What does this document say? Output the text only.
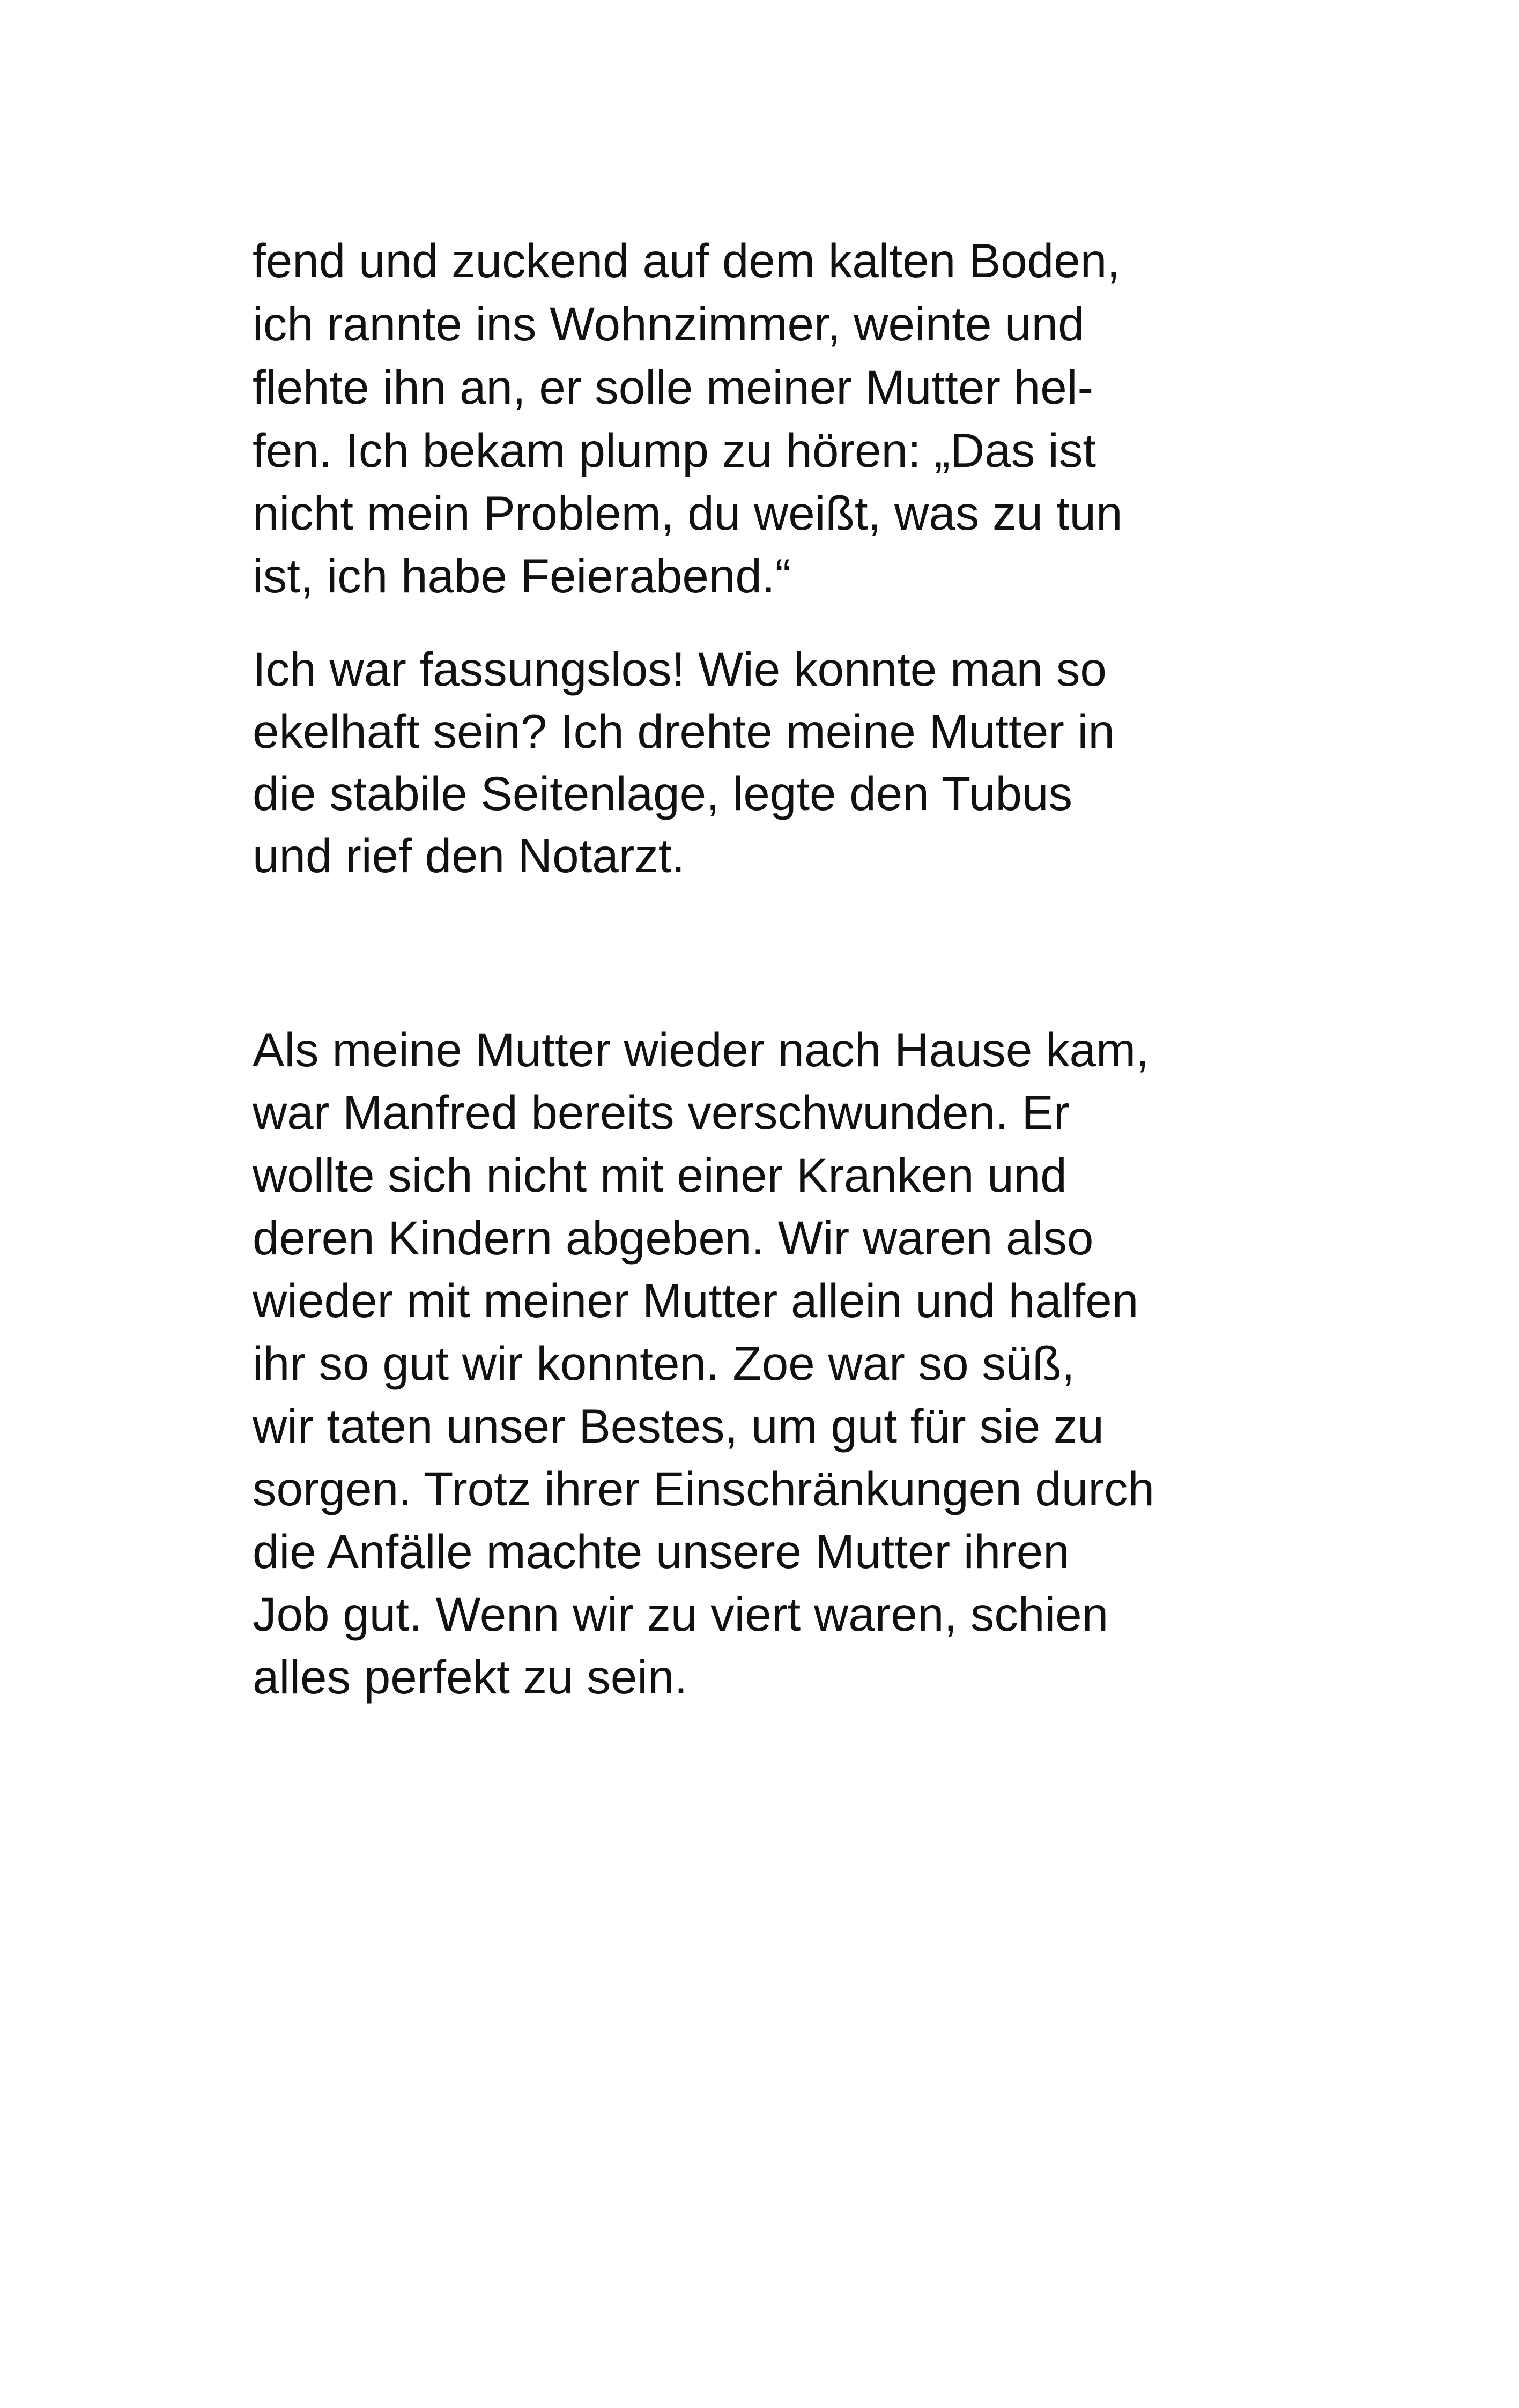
fend und zuckend auf dem kalten Boden,

ich rannte ins Wohnzimmer, weinte und

flehte ihn an, er solle meiner Mutter hel-

fen. Ich bekam plump zu hören: „Das ist

nicht mein Problem, du weißt, was zu tun

ist, ich habe Feierabend.“

Ich war fassungslos! Wie konnte man so

ekelhaft sein? Ich drehte meine Mutter in

die stabile Seitenlage, legte den Tubus

und rief den Notarzt.

Als meine Mutter wieder nach Hause kam,

war Manfred bereits verschwunden. Er

wollte sich nicht mit einer Kranken und

deren Kindern abgeben. Wir waren also

wieder mit meiner Mutter allein und halfen

ihr so gut wir konnten. Zoe war so süß,

wir taten unser Bestes, um gut für sie zu

sorgen. Trotz ihrer Einschränkungen durch

die Anfälle machte unsere Mutter ihren

Job gut. Wenn wir zu viert waren, schien

alles perfekt zu sein.
